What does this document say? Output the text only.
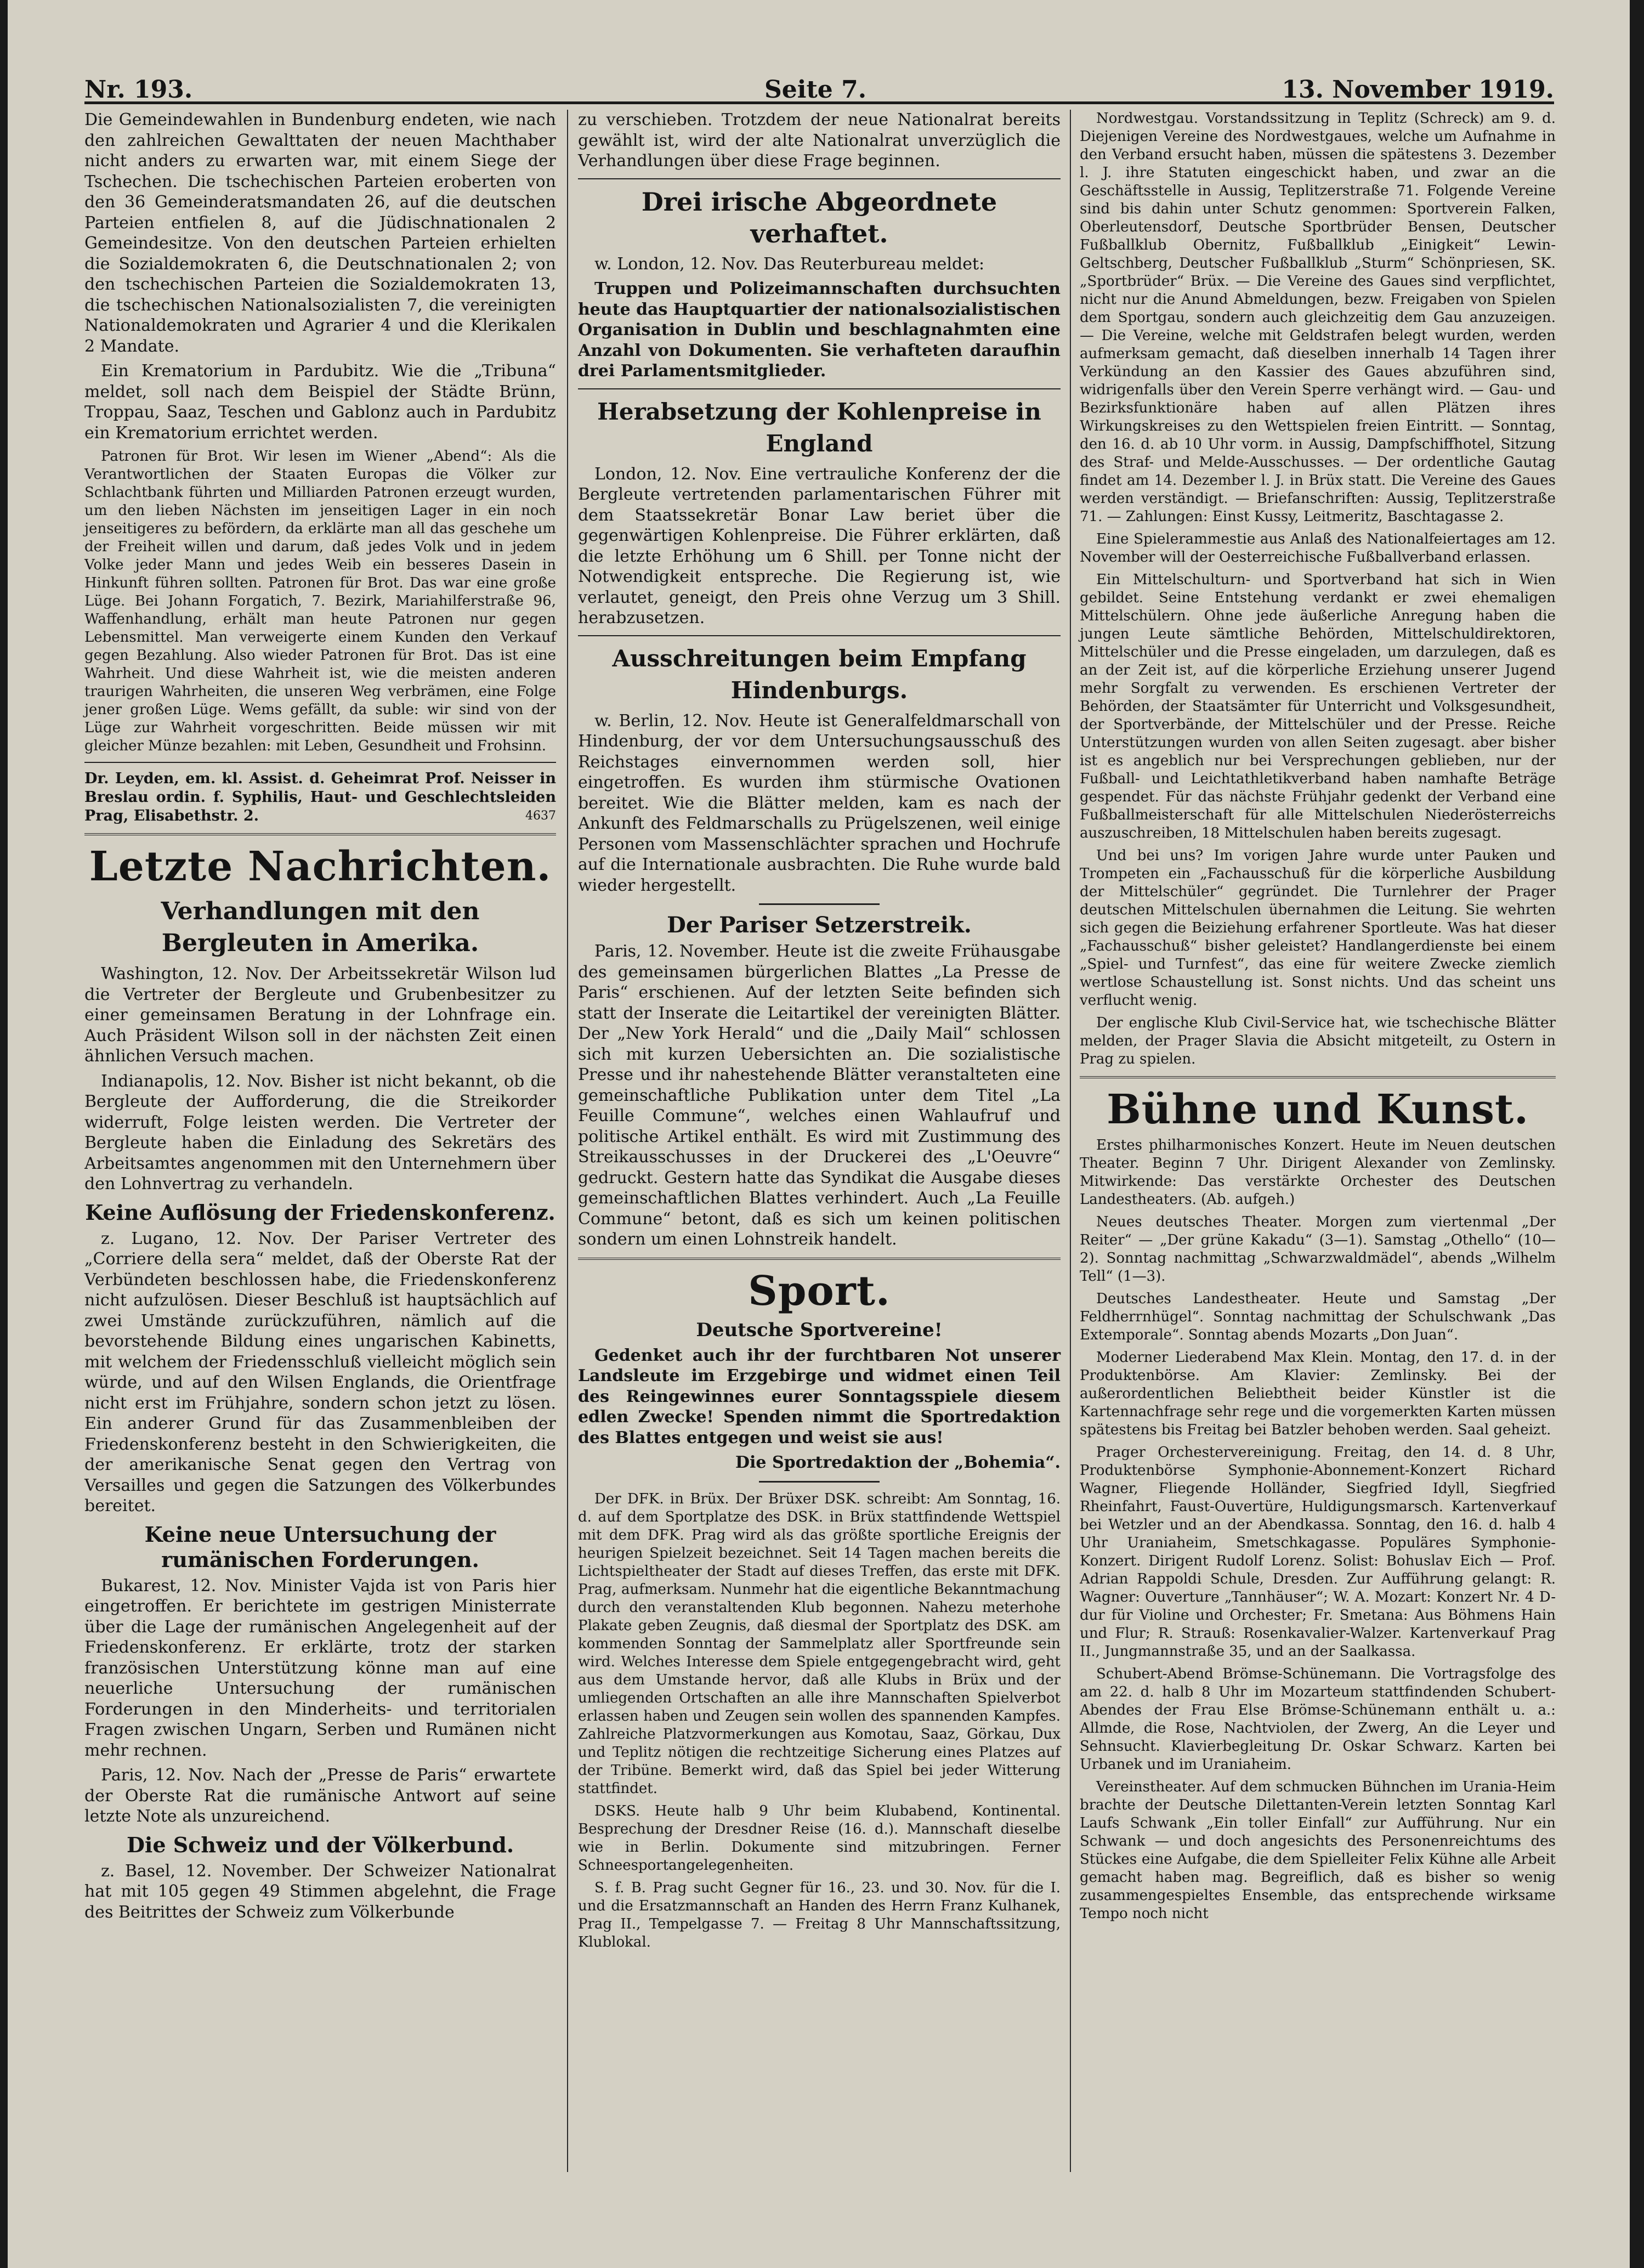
Nr. 193.	Seite 7.	13. November 1919.

Die Gemeindewahlen in Bundenburg endeten, wie nach den zahlreichen Gewalttaten der neuen Machthaber nicht anders zu erwarten war, mit einem Siege der Tschechen. Die tschechischen Parteien eroberten von den 36 Gemeinderatsmandaten 26, auf die deutschen Parteien entfielen 8, auf die Jüdischnationalen 2 Gemeindesitze. Von den deutschen Parteien erhielten die Sozialdemokraten 6, die Deutschnationalen 2; von den tschechischen Parteien die Sozialdemokraten 13, die tschechischen Nationalsozialisten 7, die vereinigten Nationaldemokraten und Agrarier 4 und die Klerikalen 2 Mandate.

Ein Krematorium in Pardubitz. Wie die „Tribuna“ meldet, soll nach dem Beispiel der Städte Brünn, Troppau, Saaz, Teschen und Gablonz auch in Pardubitz ein Krematorium errichtet werden.

Patronen für Brot. Wir lesen im Wiener „Abend“: Als die Verantwortlichen der Staaten Europas die Völker zur Schlachtbank führten und Milliarden Patronen erzeugt wurden, um den lieben Nächsten im jenseitigen Lager in ein noch jenseitigeres zu befördern, da erklärte man all das geschehe um der Freiheit willen und darum, daß jedes Volk und in jedem Volke jeder Mann und jedes Weib ein besseres Dasein in Hinkunft führen sollten. Patronen für Brot. Das war eine große Lüge. Bei Johann Forgatich, 7. Bezirk, Mariahilferstraße 96, Waffenhandlung, erhält man heute Patronen nur gegen Lebensmittel. Man verweigerte einem Kunden den Verkauf gegen Bezahlung. Also wieder Patronen für Brot. Das ist eine Wahrheit. Und diese Wahrheit ist, wie die meisten anderen traurigen Wahrheiten, die unseren Weg verbrämen, eine Folge jener großen Lüge. Wems gefällt, da suble: wir sind von der Lüge zur Wahrheit vorgeschritten. Beide müssen wir mit gleicher Münze bezahlen: mit Leben, Gesundheit und Frohsinn.

Dr. Leyden, em. kl. Assist. d. Geheimrat Prof. Neisser in Breslau ordin. f. Syphilis, Haut- und Geschlechtsleiden Prag, Elisabethstr. 2.	4637
Letzte Nachrichten.
Verhandlungen mit den Bergleuten in Amerika.

Washington, 12. Nov. Der Arbeitssekretär Wilson lud die Vertreter der Bergleute und Grubenbesitzer zu einer gemeinsamen Beratung in der Lohnfrage ein. Auch Präsident Wilson soll in der nächsten Zeit einen ähnlichen Versuch machen.

Indianapolis, 12. Nov. Bisher ist nicht bekannt, ob die Bergleute der Aufforderung, die die Streikorder widerruft, Folge leisten werden. Die Vertreter der Bergleute haben die Einladung des Sekretärs des Arbeitsamtes angenommen mit den Unternehmern über den Lohnvertrag zu verhandeln.

Keine Auflösung der Friedenskonferenz.

z. Lugano, 12. Nov. Der Pariser Vertreter des „Corriere della sera“ meldet, daß der Oberste Rat der Verbündeten beschlossen habe, die Friedenskonferenz nicht aufzulösen. Dieser Beschluß ist hauptsächlich auf zwei Umstände zurückzuführen, nämlich auf die bevorstehende Bildung eines ungarischen Kabinetts, mit welchem der Friedensschluß vielleicht möglich sein würde, und auf den Wilsen Englands, die Orientfrage nicht erst im Frühjahre, sondern schon jetzt zu lösen. Ein anderer Grund für das Zusammenbleiben der Friedenskonferenz besteht in den Schwierigkeiten, die der amerikanische Senat gegen den Vertrag von Versailles und gegen die Satzungen des Völkerbundes bereitet.

Keine neue Untersuchung der rumänischen Forderungen.

Bukarest, 12. Nov. Minister Vajda ist von Paris hier eingetroffen. Er berichtete im gestrigen Ministerrate über die Lage der rumänischen Angelegenheit auf der Friedenskonferenz. Er erklärte, trotz der starken französischen Unterstützung könne man auf eine neuerliche Untersuchung der rumänischen Forderungen in den Minderheits- und territorialen Fragen zwischen Ungarn, Serben und Rumänen nicht mehr rechnen.

Paris, 12. Nov. Nach der „Presse de Paris“ erwartete der Oberste Rat die rumänische Antwort auf seine letzte Note als unzureichend.

Die Schweiz und der Völkerbund.

z. Basel, 12. November. Der Schweizer Nationalrat hat mit 105 gegen 49 Stimmen abgelehnt, die Frage des Beitrittes der Schweiz zum Völkerbunde

zu verschieben. Trotzdem der neue Nationalrat bereits gewählt ist, wird der alte Nationalrat unverzüglich die Verhandlungen über diese Frage beginnen.

Drei irische Abgeordnete verhaftet.

w. London, 12. Nov. Das Reuterbureau meldet:

Truppen und Polizeimannschaften durchsuchten heute das Hauptquartier der nationalsozialistischen Organisation in Dublin und beschlagnahmten eine Anzahl von Dokumenten. Sie verhafteten daraufhin drei Parlamentsmitglieder.

Herabsetzung der Kohlenpreise in England

London, 12. Nov. Eine vertrauliche Konferenz der die Bergleute vertretenden parlamentarischen Führer mit dem Staatssekretär Bonar Law beriet über die gegenwärtigen Kohlenpreise. Die Führer erklärten, daß die letzte Erhöhung um 6 Shill. per Tonne nicht der Notwendigkeit entspreche. Die Regierung ist, wie verlautet, geneigt, den Preis ohne Verzug um 3 Shill. herabzusetzen.

Ausschreitungen beim Empfang Hindenburgs.

w. Berlin, 12. Nov. Heute ist Generalfeldmarschall von Hindenburg, der vor dem Untersuchungsausschuß des Reichstages einvernommen werden soll, hier eingetroffen. Es wurden ihm stürmische Ovationen bereitet. Wie die Blätter melden, kam es nach der Ankunft des Feldmarschalls zu Prügelszenen, weil einige Personen vom Massenschlächter sprachen und Hochrufe auf die Internationale ausbrachten. Die Ruhe wurde bald wieder hergestellt.

Der Pariser Setzerstreik.

Paris, 12. November. Heute ist die zweite Frühausgabe des gemeinsamen bürgerlichen Blattes „La Presse de Paris“ erschienen. Auf der letzten Seite befinden sich statt der Inserate die Leitartikel der vereinigten Blätter. Der „New York Herald“ und die „Daily Mail“ schlossen sich mit kurzen Uebersichten an. Die sozialistische Presse und ihr nahestehende Blätter veranstalteten eine gemeinschaftliche Publikation unter dem Titel „La Feuille Commune“, welches einen Wahlaufruf und politische Artikel enthält. Es wird mit Zustimmung des Streikausschusses in der Druckerei des „L'Oeuvre“ gedruckt. Gestern hatte das Syndikat die Ausgabe dieses gemeinschaftlichen Blattes verhindert. Auch „La Feuille Commune“ betont, daß es sich um keinen politischen sondern um einen Lohnstreik handelt.

Sport.
Deutsche Sportvereine!

Gedenket auch ihr der furchtbaren Not unserer Landsleute im Erzgebirge und widmet einen Teil des Reingewinnes eurer Sonntagsspiele diesem edlen Zwecke! Spenden nimmt die Sportredaktion des Blattes entgegen und weist sie aus!

Die Sportredaktion der „Bohemia“.

Der DFK. in Brüx. Der Brüxer DSK. schreibt: Am Sonntag, 16. d. auf dem Sportplatze des DSK. in Brüx stattfindende Wettspiel mit dem DFK. Prag wird als das größte sportliche Ereignis der heurigen Spielzeit bezeichnet. Seit 14 Tagen machen bereits die Lichtspieltheater der Stadt auf dieses Treffen, das erste mit DFK. Prag, aufmerksam. Nunmehr hat die eigentliche Bekanntmachung durch den veranstaltenden Klub begonnen. Nahezu meterhohe Plakate geben Zeugnis, daß diesmal der Sportplatz des DSK. am kommenden Sonntag der Sammelplatz aller Sportfreunde sein wird. Welches Interesse dem Spiele entgegengebracht wird, geht aus dem Umstande hervor, daß alle Klubs in Brüx und der umliegenden Ortschaften an alle ihre Mannschaften Spielverbot erlassen haben und Zeugen sein wollen des spannenden Kampfes. Zahlreiche Platzvormerkungen aus Komotau, Saaz, Görkau, Dux und Teplitz nötigen die rechtzeitige Sicherung eines Platzes auf der Tribüne. Bemerkt wird, daß das Spiel bei jeder Witterung stattfindet.

DSKS. Heute halb 9 Uhr beim Klubabend, Kontinental. Besprechung der Dresdner Reise (16. d.). Mannschaft dieselbe wie in Berlin. Dokumente sind mitzubringen. Ferner Schneesportangelegenheiten.

S. f. B. Prag sucht Gegner für 16., 23. und 30. Nov. für die I. und die Ersatzmannschaft an Handen des Herrn Franz Kulhanek, Prag II., Tempelgasse 7. — Freitag 8 Uhr Mannschaftssitzung, Klublokal.

Nordwestgau. Vorstandssitzung in Teplitz (Schreck) am 9. d. Diejenigen Vereine des Nordwestgaues, welche um Aufnahme in den Verband ersucht haben, müssen die spätestens 3. Dezember l. J. ihre Statuten eingeschickt haben, und zwar an die Geschäftsstelle in Aussig, Teplitzerstraße 71. Folgende Vereine sind bis dahin unter Schutz genommen: Sportverein Falken, Oberleutensdorf, Deutsche Sportbrüder Bensen, Deutscher Fußballklub Obernitz, Fußballklub „Einigkeit“ Lewin-Geltschberg, Deutscher Fußballklub „Sturm“ Schönpriesen, SK. „Sportbrüder“ Brüx. — Die Vereine des Gaues sind verpflichtet, nicht nur die Anund Abmeldungen, bezw. Freigaben von Spielen dem Sportgau, sondern auch gleichzeitig dem Gau anzuzeigen. — Die Vereine, welche mit Geldstrafen belegt wurden, werden aufmerksam gemacht, daß dieselben innerhalb 14 Tagen ihrer Verkündung an den Kassier des Gaues abzuführen sind, widrigenfalls über den Verein Sperre verhängt wird. — Gau- und Bezirksfunktionäre haben auf allen Plätzen ihres Wirkungskreises zu den Wettspielen freien Eintritt. — Sonntag, den 16. d. ab 10 Uhr vorm. in Aussig, Dampfschiffhotel, Sitzung des Straf- und Melde-Ausschusses. — Der ordentliche Gautag findet am 14. Dezember l. J. in Brüx statt. Die Vereine des Gaues werden verständigt. — Briefanschriften: Aussig, Teplitzerstraße 71. — Zahlungen: Einst Kussy, Leitmeritz, Baschtagasse 2.

Eine Spielerammestie aus Anlaß des Nationalfeiertages am 12. November will der Oesterreichische Fußballverband erlassen.

Ein Mittelschulturn- und Sportverband hat sich in Wien gebildet. Seine Entstehung verdankt er zwei ehemaligen Mittelschülern. Ohne jede äußerliche Anregung haben die jungen Leute sämtliche Behörden, Mittelschuldirektoren, Mittelschüler und die Presse eingeladen, um darzulegen, daß es an der Zeit ist, auf die körperliche Erziehung unserer Jugend mehr Sorgfalt zu verwenden. Es erschienen Vertreter der Behörden, der Staatsämter für Unterricht und Volksgesundheit, der Sportverbände, der Mittelschüler und der Presse. Reiche Unterstützungen wurden von allen Seiten zugesagt. aber bisher ist es angeblich nur bei Versprechungen geblieben, nur der Fußball- und Leichtathletikverband haben namhafte Beträge gespendet. Für das nächste Frühjahr gedenkt der Verband eine Fußballmeisterschaft für alle Mittelschulen Niederösterreichs auszuschreiben, 18 Mittelschulen haben bereits zugesagt.

Und bei uns? Im vorigen Jahre wurde unter Pauken und Trompeten ein „Fachausschuß für die körperliche Ausbildung der Mittelschüler“ gegründet. Die Turnlehrer der Prager deutschen Mittelschulen übernahmen die Leitung. Sie wehrten sich gegen die Beiziehung erfahrener Sportleute. Was hat dieser „Fachausschuß“ bisher geleistet? Handlangerdienste bei einem „Spiel- und Turnfest“, das eine für weitere Zwecke ziemlich wertlose Schaustellung ist. Sonst nichts. Und das scheint uns verflucht wenig.

Der englische Klub Civil-Service hat, wie tschechische Blätter melden, der Prager Slavia die Absicht mitgeteilt, zu Ostern in Prag zu spielen.

Bühne und Kunst.

Erstes philharmonisches Konzert. Heute im Neuen deutschen Theater. Beginn 7 Uhr. Dirigent Alexander von Zemlinsky. Mitwirkende: Das verstärkte Orchester des Deutschen Landestheaters. (Ab. aufgeh.)

Neues deutsches Theater. Morgen zum viertenmal „Der Reiter“ — „Der grüne Kakadu“ (3—1). Samstag „Othello“ (10—2). Sonntag nachmittag „Schwarzwaldmädel“, abends „Wilhelm Tell“ (1—3).

Deutsches Landestheater. Heute und Samstag „Der Feldherrnhügel“. Sonntag nachmittag der Schulschwank „Das Extemporale“. Sonntag abends Mozarts „Don Juan“.

Moderner Liederabend Max Klein. Montag, den 17. d. in der Produktenbörse. Am Klavier: Zemlinsky. Bei der außerordentlichen Beliebtheit beider Künstler ist die Kartennachfrage sehr rege und die vorgemerkten Karten müssen spätestens bis Freitag bei Batzler behoben werden. Saal geheizt.

Prager Orchestervereinigung. Freitag, den 14. d. 8 Uhr, Produktenbörse Symphonie-Abonnement-Konzert Richard Wagner, Fliegende Holländer, Siegfried Idyll, Siegfried Rheinfahrt, Faust-Ouvertüre, Huldigungsmarsch. Kartenverkauf bei Wetzler und an der Abendkassa. Sonntag, den 16. d. halb 4 Uhr Uraniaheim, Smetschkagasse. Populäres Symphonie-Konzert. Dirigent Rudolf Lorenz. Solist: Bohuslav Eich — Prof. Adrian Rappoldi Schule, Dresden. Zur Aufführung gelangt: R. Wagner: Ouverture „Tannhäuser“; W. A. Mozart: Konzert Nr. 4 D-dur für Violine und Orchester; Fr. Smetana: Aus Böhmens Hain und Flur; R. Strauß: Rosenkavalier-Walzer. Kartenverkauf Prag II., Jungmannstraße 35, und an der Saalkassa.

Schubert-Abend Brömse-Schünemann. Die Vortragsfolge des am 22. d. halb 8 Uhr im Mozarteum stattfindenden Schubert-Abendes der Frau Else Brömse-Schünemann enthält u. a.: Allmde, die Rose, Nachtviolen, der Zwerg, An die Leyer und Sehnsucht. Klavierbegleitung Dr. Oskar Schwarz. Karten bei Urbanek und im Uraniaheim.

Vereinstheater. Auf dem schmucken Bühnchen im Urania-Heim brachte der Deutsche Dilettanten-Verein letzten Sonntag Karl Laufs Schwank „Ein toller Einfall“ zur Aufführung. Nur ein Schwank — und doch angesichts des Personenreichtums des Stückes eine Aufgabe, die dem Spielleiter Felix Kühne alle Arbeit gemacht haben mag. Begreiflich, daß es bisher so wenig zusammengespieltes Ensemble, das entsprechende wirksame Tempo noch nicht
